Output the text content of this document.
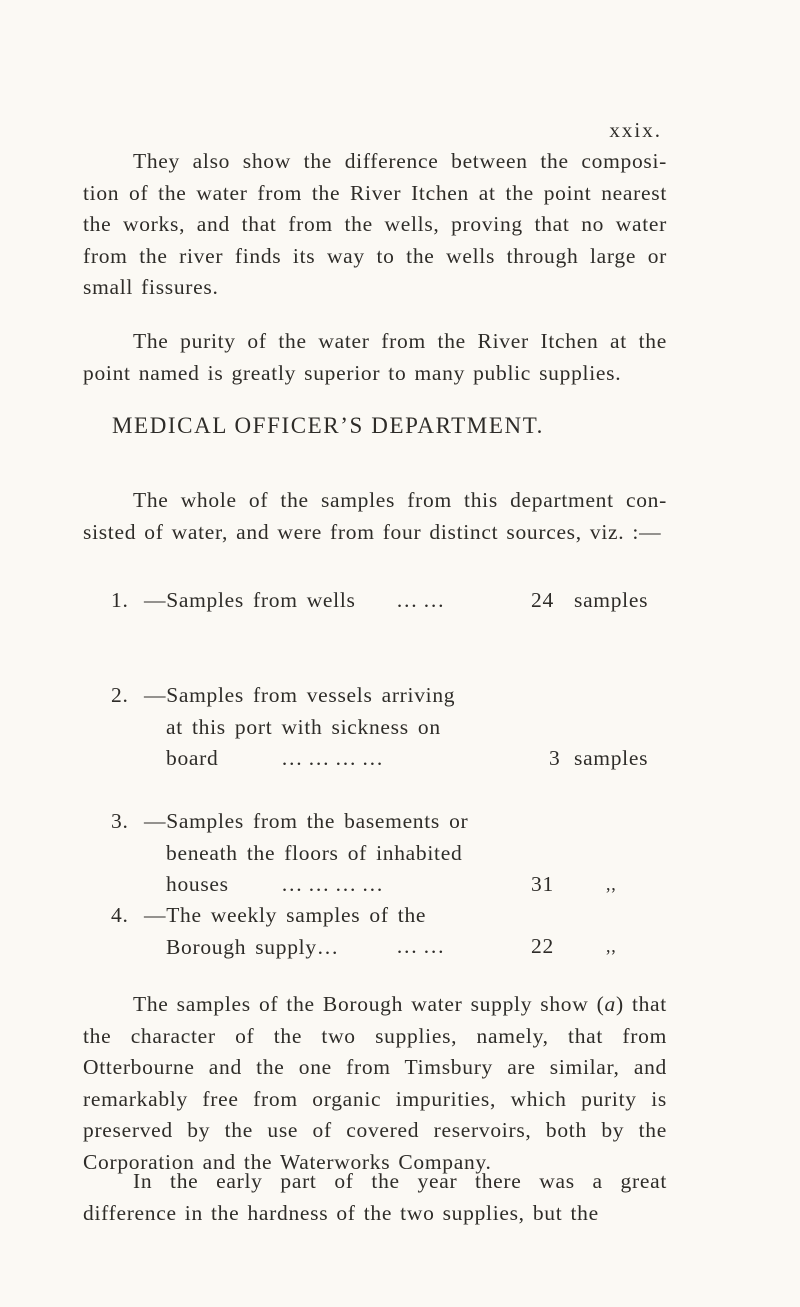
xxix.

They also show the difference between the composi- tion of the water from the River Itchen at the point nearest the works, and that from the wells, proving that no water from the river finds its way to the wells through large or small fissures.

The purity of the water from the River Itchen at the point named is greatly superior to many public supplies.

MEDICAL OFFICER’S DEPARTMENT.

The whole of the samples from this department con- sisted of water, and were from four distinct sources, viz. :—

1. —Samples from wells	… …	24 samples
2. —Samples from vessels arriving
at this port with sickness on
board	… … … …	3 samples
3. —Samples from the basements or
beneath the floors of inhabited
houses	… … … …	31	,,
4. —The weekly samples of the
Borough supply…	… …	22	,,

The samples of the Borough water supply show (a) that the character of the two supplies, namely, that from Otterbourne and the one from Timsbury are similar, and remarkably free from organic impurities, which purity is preserved by the use of covered reservoirs, both by the Corporation and the Waterworks Company.

In the early part of the year there was a great difference in the hardness of the two supplies, but the
